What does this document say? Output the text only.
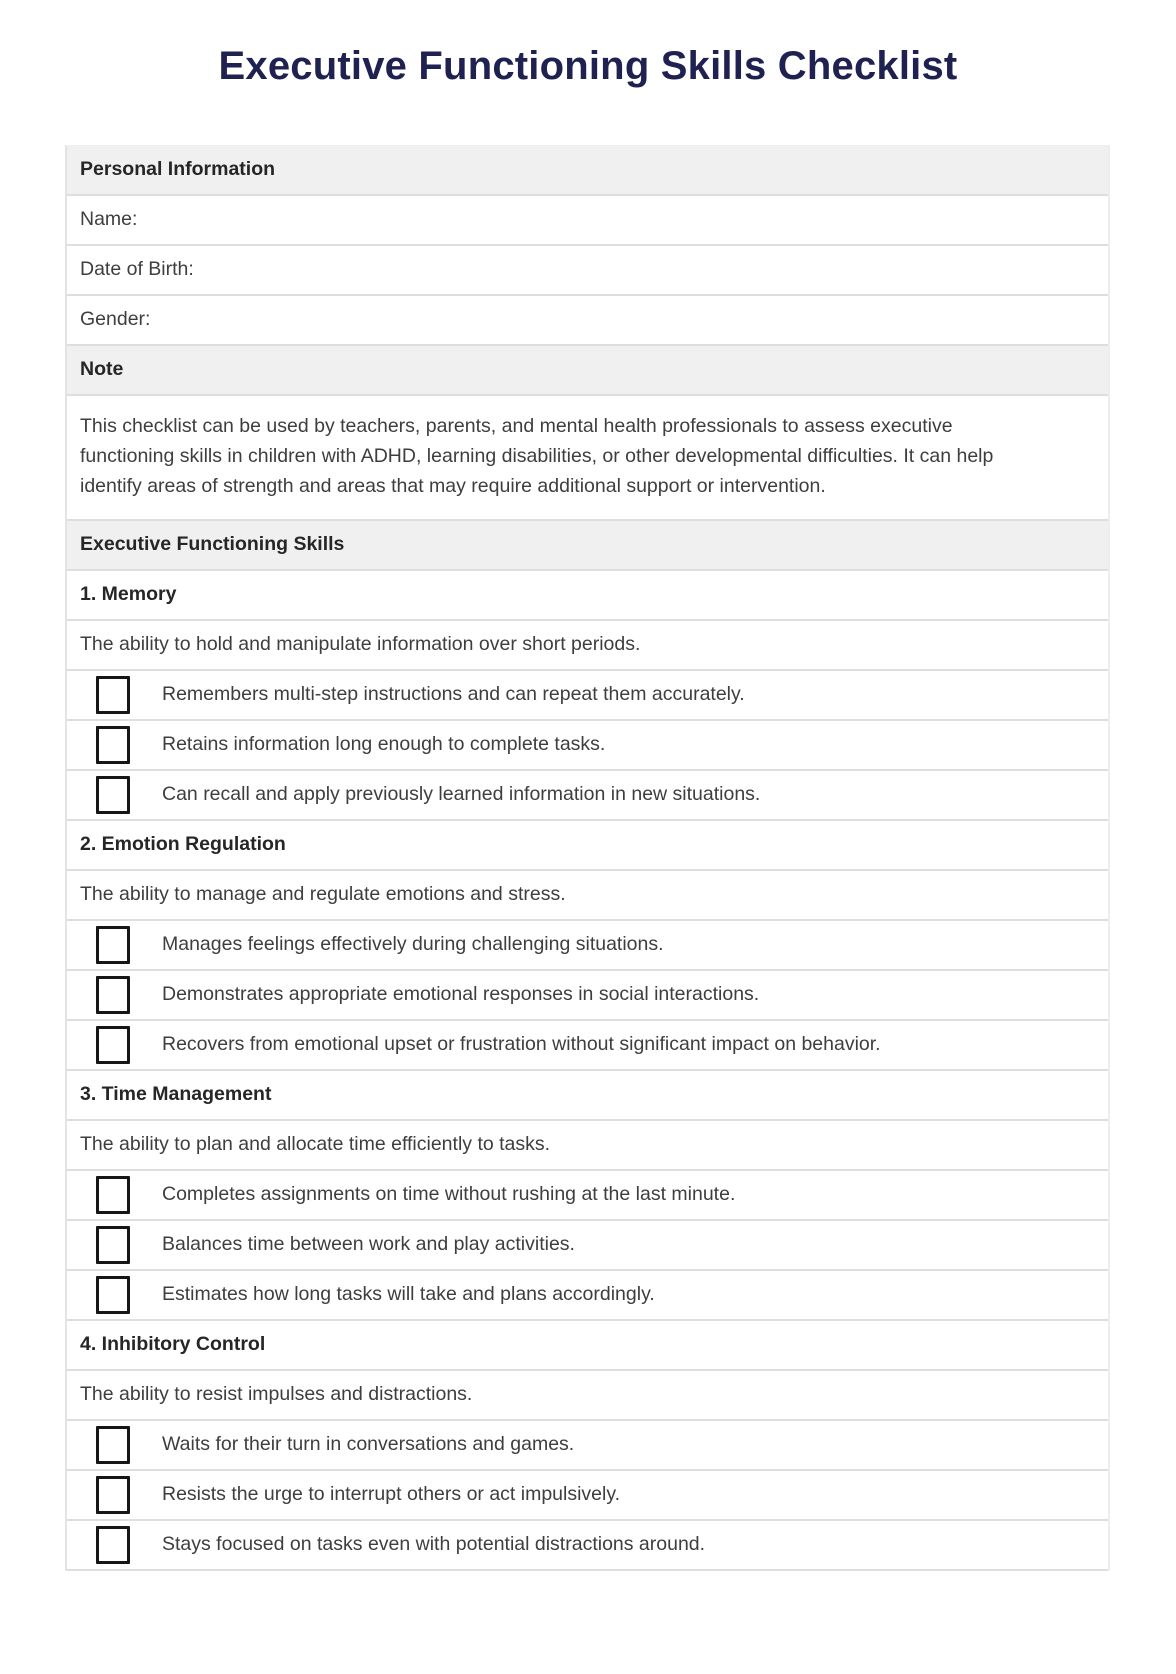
Executive Functioning Skills Checklist
Personal Information
Name:
Date of Birth:
Gender:
Note
This checklist can be used by teachers, parents, and mental health professionals to assess executive functioning skills in children with ADHD, learning disabilities, or other developmental difficulties. It can help identify areas of strength and areas that may require additional support or intervention.
Executive Functioning Skills
1. Memory
The ability to hold and manipulate information over short periods.
Remembers multi-step instructions and can repeat them accurately.
Retains information long enough to complete tasks.
Can recall and apply previously learned information in new situations.
2. Emotion Regulation
The ability to manage and regulate emotions and stress.
Manages feelings effectively during challenging situations.
Demonstrates appropriate emotional responses in social interactions.
Recovers from emotional upset or frustration without significant impact on behavior.
3. Time Management
The ability to plan and allocate time efficiently to tasks.
Completes assignments on time without rushing at the last minute.
Balances time between work and play activities.
Estimates how long tasks will take and plans accordingly.
4. Inhibitory Control
The ability to resist impulses and distractions.
Waits for their turn in conversations and games.
Resists the urge to interrupt others or act impulsively.
Stays focused on tasks even with potential distractions around.
